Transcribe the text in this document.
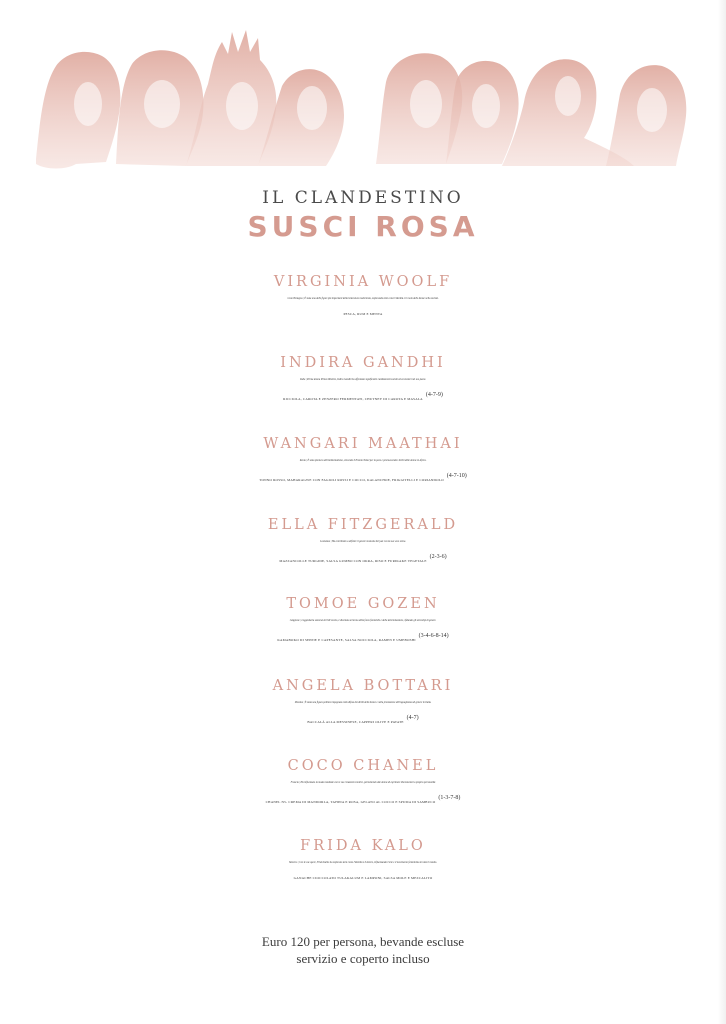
IL CLANDESTINO
SUSCI ROSA
VIRGINIA WOOLF
Gran Bretagna | È stata una delle figure più importanti della letteratura modernista, esplorando temi come l'identità e il ruolo delle donne nella società.
PESCA, RUM E MENTA
INDIRA GANDHI
India | Prima donna Primo Ministro, Indira Gandhi ha affrontato significativi cambiamenti sociali ed economici nel suo paese.
RICCIOLA, CAROTA E ZENZERO FERMENTATI, CHUTNEY DI CAROTA E MASALA$^{(4-7-9)}$
WANGARI MAATHAI
Kenia | È stata pioniera dell'ambientalismo, vincendo il Premio Nobel per la pace e promuovendo i diritti delle donne in Africa.
TONNO ROSSO, MAHARAGWE CON FAGIOLI ROSSI E COCCO, KALANCHOE, FRIGGITELLI E CORIANDOLO$^{(4-7-10)}$
ELLA FITZGERALD
Louisiana | Ha contribuito a definire il genere musicale del jazz con la sua voce unica.
MAZZANCOLLE TURGIDE, SALSA GUMBO CON OKRA, RISO E FURIKAKE VEGETALE$^{(2-3-6)}$
TOMOE GOZEN
Giappone | Leggendaria samurai del XII secolo, è diventata un'icona della forza femminile e della determinazione, sfidando gli stereotipi di genere.
KAMABOKO DI SEPPIE E CAPESANTE, SALSA NOCCIOLA, RAMEN E UMEBOSHI$^{(3-4-6-8-14)}$
ANGELA BOTTARI
Messina | È stata una figura politica impegnata nella difesa dei diritti delle donne e nella promozione dell'uguaglianza di genere in Italia.
BACCALÀ ALLA MESSINESE, CAPPERI OLIVE E PATATE$^{(4-7)}$
COCO CHANEL
Francia | Ha influenzato la moda mondiale con le sue creazioni iconiche, permettendo alle donne di esprimere liberamente la propria personalità
CHANEL N5- CREMA DI MANDORLA, TAHINA E ROSA, GELATO AL COCCO E SPUMA DI SAMBUCO$^{(1-3-7-8)}$
FRIDA KALO
Messico | Con le sue opere, Frida Kahlo ha esplorato temi come l'identità e il dolore, influenzando l'arte e il movimento femminista in tutto il mondo.
GANACHE CIOCCOLATO TULAKALUM E LAMPONI, SALSA MOLE E MEZCALITO
Euro 120 per persona, bevande escluse
servizio e coperto incluso
